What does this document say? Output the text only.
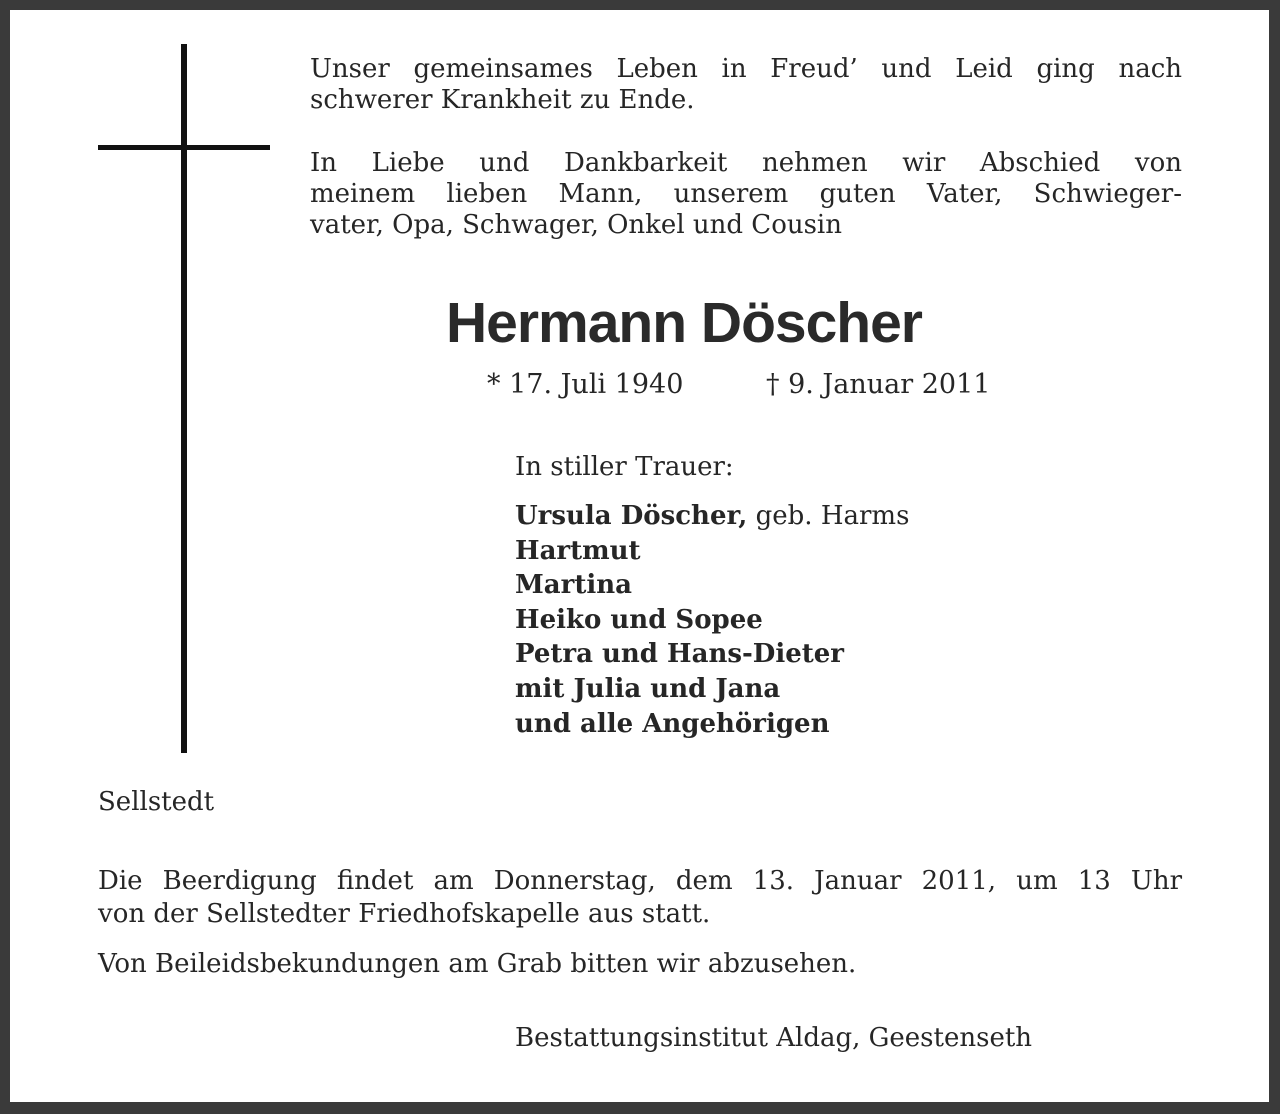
Unser gemeinsames Leben in Freud’ und Leid ging nach
schwerer Krankheit zu Ende.
In Liebe und Dankbarkeit nehmen wir Abschied von
meinem lieben Mann, unserem guten Vater, Schwieger-
vater, Opa, Schwager, Onkel und Cousin
Hermann Döscher
* 17. Juli 1940	† 9. Januar 2011
In stiller Trauer:
Ursula Döscher, geb. Harms
Hartmut
Martina
Heiko und Sopee
Petra und Hans-Dieter
mit Julia und Jana
und alle Angehörigen
Sellstedt
Die Beerdigung findet am Donnerstag, dem 13. Januar 2011, um 13 Uhr
von der Sellstedter Friedhofskapelle aus statt.
Von Beileidsbekundungen am Grab bitten wir abzusehen.
Bestattungsinstitut Aldag, Geestenseth
